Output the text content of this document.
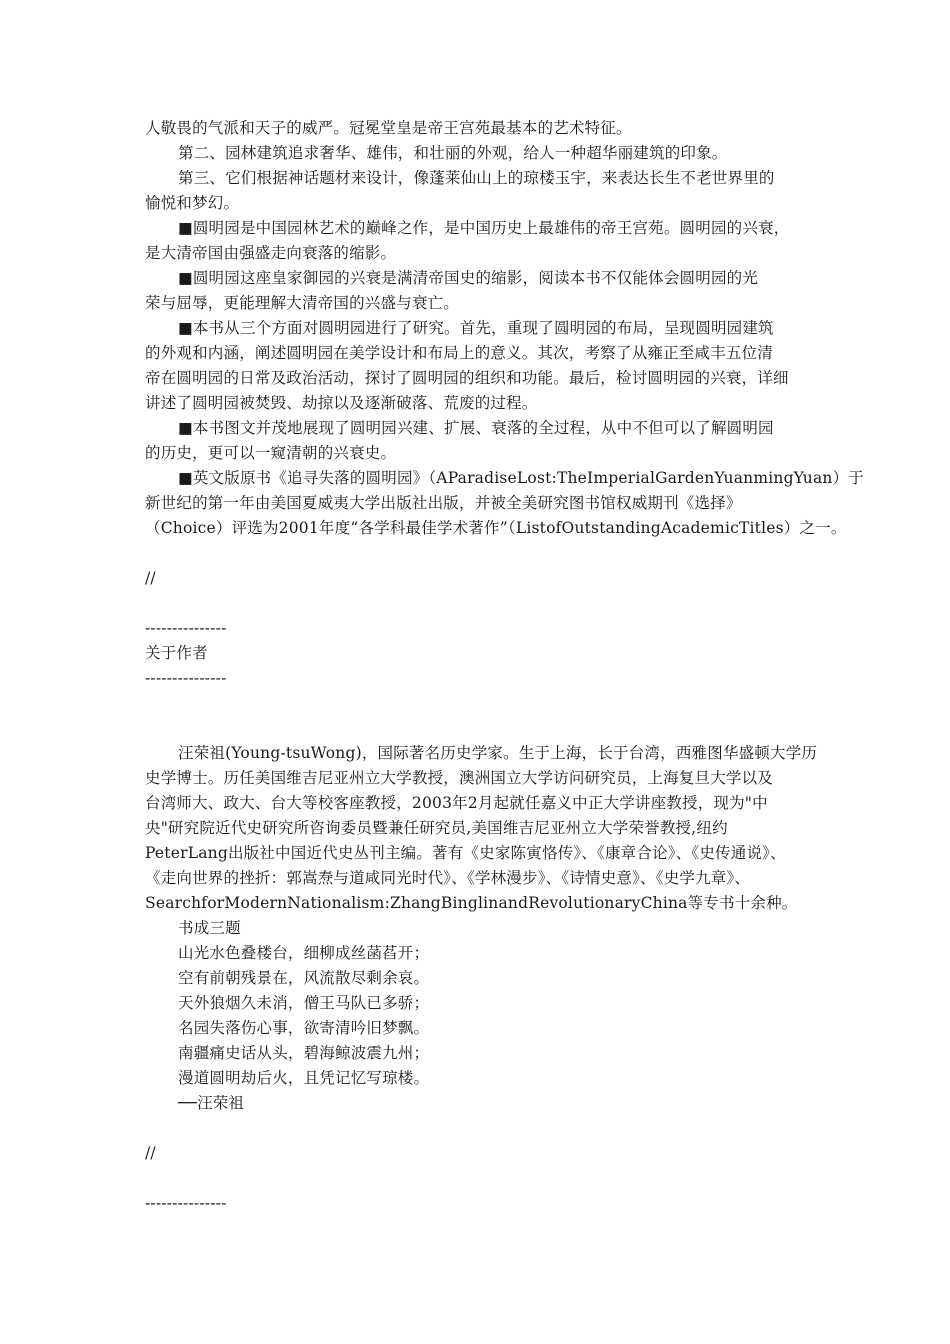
人敬畏的气派和天子的威严。冠冕堂皇是帝王宫苑最基本的艺术特征。
第二、园林建筑追求奢华、雄伟，和壮丽的外观，给人一种超华丽建筑的印象。
第三、它们根据神话题材来设计，像蓬莱仙山上的琼楼玉宇，来表达长生不老世界里的
愉悦和梦幻。
■圆明园是中国园林艺术的巅峰之作，是中国历史上最雄伟的帝王宫苑。圆明园的兴衰，
是大清帝国由强盛走向衰落的缩影。
■圆明园这座皇家御园的兴衰是满清帝国史的缩影，阅读本书不仅能体会圆明园的光
荣与屈辱，更能理解大清帝国的兴盛与衰亡。
■本书从三个方面对圆明园进行了研究。首先，重现了圆明园的布局，呈现圆明园建筑
的外观和内涵，阐述圆明园在美学设计和布局上的意义。其次，考察了从雍正至咸丰五位清
帝在圆明园的日常及政治活动，探讨了圆明园的组织和功能。最后，检讨圆明园的兴衰，详细
讲述了圆明园被焚毁、劫掠以及逐渐破落、荒废的过程。
■本书图文并茂地展现了圆明园兴建、扩展、衰落的全过程，从中不但可以了解圆明园
的历史，更可以一窥清朝的兴衰史。
■英文版原书《追寻失落的圆明园》（AParadiseLost:TheImperialGardenYuanmingYuan）于
新世纪的第一年由美国夏威夷大学出版社出版，并被全美研究图书馆权威期刊《选择》
（Choice）评选为2001年度“各学科最佳学术著作”（ListofOutstandingAcademicTitles）之一。
//
---------------
关于作者
---------------
汪荣祖(Young-tsuWong)，国际著名历史学家。生于上海，长于台湾，西雅图华盛顿大学历
史学博士。历任美国维吉尼亚州立大学教授，澳洲国立大学访问研究员，上海复旦大学以及
台湾师大、政大、台大等校客座教授，2003年2月起就任嘉义中正大学讲座教授，现为"中
央"研究院近代史研究所咨询委员暨兼任研究员,美国维吉尼亚州立大学荣誉教授,纽约
PeterLang出版社中国近代史丛刊主编。著有《史家陈寅恪传》、《康章合论》、《史传通说》、
《走向世界的挫折：郭嵩焘与道咸同光时代》、《学林漫步》、《诗情史意》、《史学九章》、
SearchforModernNationalism:ZhangBinglinandRevolutionaryChina等专书十余种。
书成三题
山光水色叠楼台，细柳成丝菡萏开；
空有前朝残景在，风流散尽剩余哀。
天外狼烟久未消，僧王马队已多骄；
名园失落伤心事，欲寄清吟旧梦飘。
南疆痛史话从头，碧海鲸波震九州；
漫道圆明劫后火，且凭记忆写琼楼。
──汪荣祖
//
---------------
